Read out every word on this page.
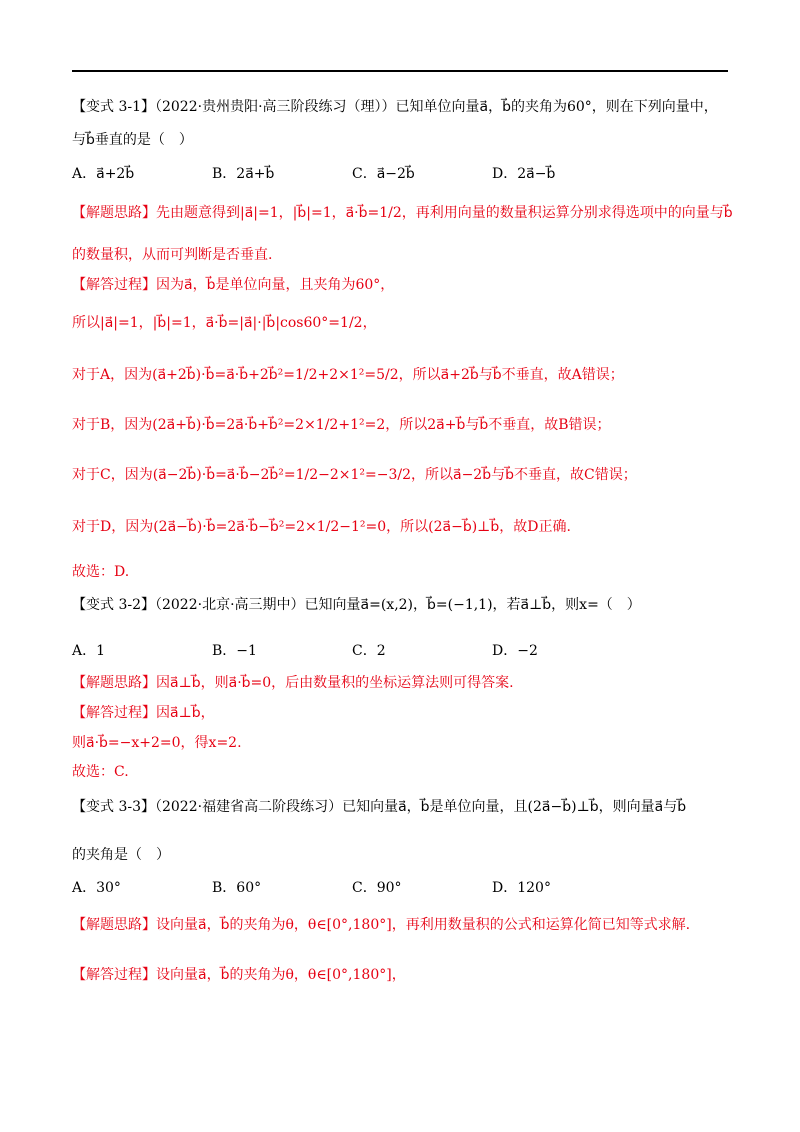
【变式 3-1】（2022·贵州贵阳·高三阶段练习（理））已知单位向量a⃗，b⃗的夹角为60°，则在下列向量中，
与b⃗垂直的是（　）
A．a⃗+2b⃗	B．2a⃗+b⃗	C．a⃗−2b⃗	D．2a⃗−b⃗
【解题思路】先由题意得到|a⃗|=1，|b⃗|=1，a⃗·b⃗=1/2，再利用向量的数量积运算分别求得选项中的向量与b⃗
的数量积，从而可判断是否垂直.
【解答过程】因为a⃗，b⃗是单位向量，且夹角为60°，
所以|a⃗|=1，|b⃗|=1，a⃗·b⃗=|a⃗|·|b⃗|cos60°=1/2，
对于A，因为(a⃗+2b⃗)·b⃗=a⃗·b⃗+2b⃗²=1/2+2×1²=5/2，所以a⃗+2b⃗与b⃗不垂直，故A错误；
对于B，因为(2a⃗+b⃗)·b⃗=2a⃗·b⃗+b⃗²=2×1/2+1²=2，所以2a⃗+b⃗与b⃗不垂直，故B错误；
对于C，因为(a⃗−2b⃗)·b⃗=a⃗·b⃗−2b⃗²=1/2−2×1²=−3/2，所以a⃗−2b⃗与b⃗不垂直，故C错误；
对于D，因为(2a⃗−b⃗)·b⃗=2a⃗·b⃗−b⃗²=2×1/2−1²=0，所以(2a⃗−b⃗)⊥b⃗，故D正确.
故选：D.
【变式 3-2】（2022·北京·高三期中）已知向量a⃗=(x,2)，b⃗=(−1,1)，若a⃗⊥b⃗，则x=（　）
A．1	B．−1	C．2	D．−2
【解题思路】因a⃗⊥b⃗，则a⃗·b⃗=0，后由数量积的坐标运算法则可得答案.
【解答过程】因a⃗⊥b⃗，
则a⃗·b⃗=−x+2=0，得x=2.
故选：C.
【变式 3-3】（2022·福建省高二阶段练习）已知向量a⃗，b⃗是单位向量，且(2a⃗−b⃗)⊥b⃗，则向量a⃗与b⃗
的夹角是（　）
A．30°	B．60°	C．90°	D．120°
【解题思路】设向量a⃗，b⃗的夹角为θ，θ∈[0°,180°]，再利用数量积的公式和运算化简已知等式求解.
【解答过程】设向量a⃗，b⃗的夹角为θ，θ∈[0°,180°]，
